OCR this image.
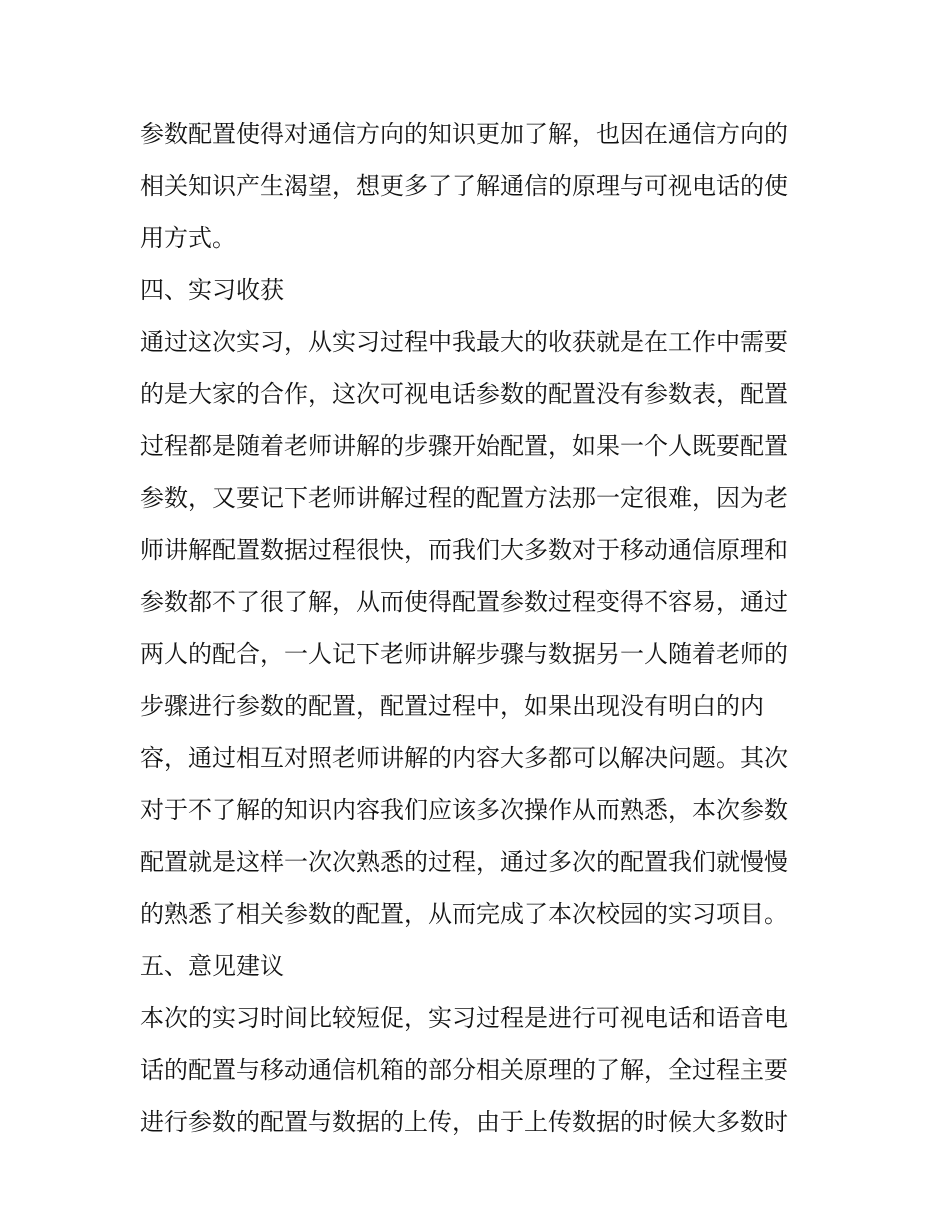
参数配置使得对通信方向的知识更加了解，也因在通信方向的
相关知识产生渴望，想更多了了解通信的原理与可视电话的使
用方式。
四、实习收获
通过这次实习，从实习过程中我最大的收获就是在工作中需要
的是大家的合作，这次可视电话参数的配置没有参数表，配置
过程都是随着老师讲解的步骤开始配置，如果一个人既要配置
参数，又要记下老师讲解过程的配置方法那一定很难，因为老
师讲解配置数据过程很快，而我们大多数对于移动通信原理和
参数都不了很了解，从而使得配置参数过程变得不容易，通过
两人的配合，一人记下老师讲解步骤与数据另一人随着老师的
步骤进行参数的配置，配置过程中，如果出现没有明白的内
容，通过相互对照老师讲解的内容大多都可以解决问题。其次
对于不了解的知识内容我们应该多次操作从而熟悉，本次参数
配置就是这样一次次熟悉的过程，通过多次的配置我们就慢慢
的熟悉了相关参数的配置，从而完成了本次校园的实习项目。
五、意见建议
本次的实习时间比较短促，实习过程是进行可视电话和语音电
话的配置与移动通信机箱的部分相关原理的了解，全过程主要
进行参数的配置与数据的上传，由于上传数据的时候大多数时
